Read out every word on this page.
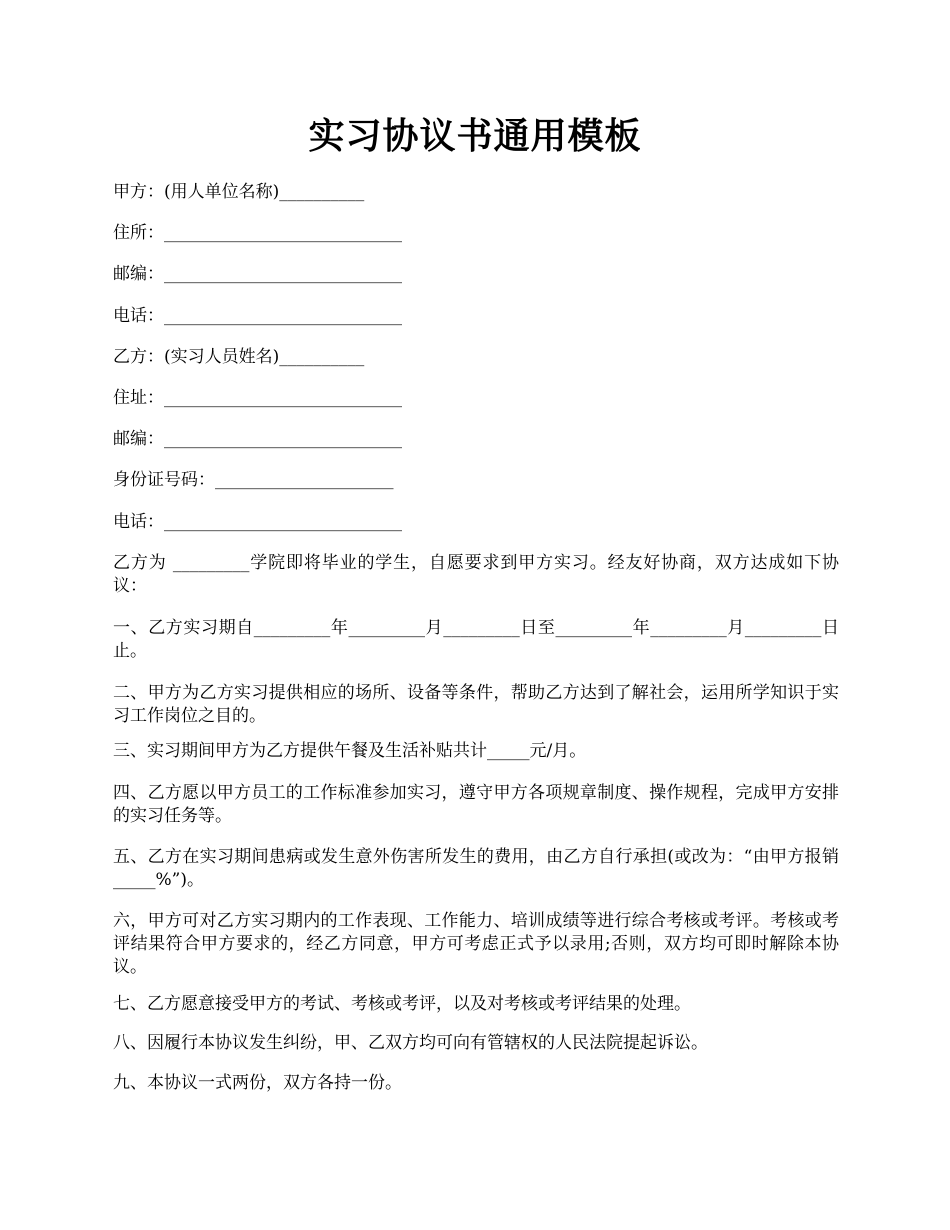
实习协议书通用模板
甲方：(用人单位名称)__________
住所：____________________________
邮编：____________________________
电话：____________________________
乙方：(实习人员姓名)__________
住址：____________________________
邮编：____________________________
身份证号码：_____________________
电话：____________________________
乙方为 _________学院即将毕业的学生，自愿要求到甲方实习。经友好协商，双方达成如下协议：
一、乙方实习期自_________年_________月_________日至_________年_________月_________日止。
二、甲方为乙方实习提供相应的场所、设备等条件，帮助乙方达到了解社会，运用所学知识于实习工作岗位之目的。
三、实习期间甲方为乙方提供午餐及生活补贴共计_____元/月。
四、乙方愿以甲方员工的工作标准参加实习，遵守甲方各项规章制度、操作规程，完成甲方安排的实习任务等。
五、乙方在实习期间患病或发生意外伤害所发生的费用，由乙方自行承担(或改为：“由甲方报销_____%”)。
六，甲方可对乙方实习期内的工作表现、工作能力、培训成绩等进行综合考核或考评。考核或考评结果符合甲方要求的，经乙方同意，甲方可考虑正式予以录用;否则，双方均可即时解除本协议。
七、乙方愿意接受甲方的考试、考核或考评，以及对考核或考评结果的处理。
八、因履行本协议发生纠纷，甲、乙双方均可向有管辖权的人民法院提起诉讼。
九、本协议一式两份，双方各持一份。
